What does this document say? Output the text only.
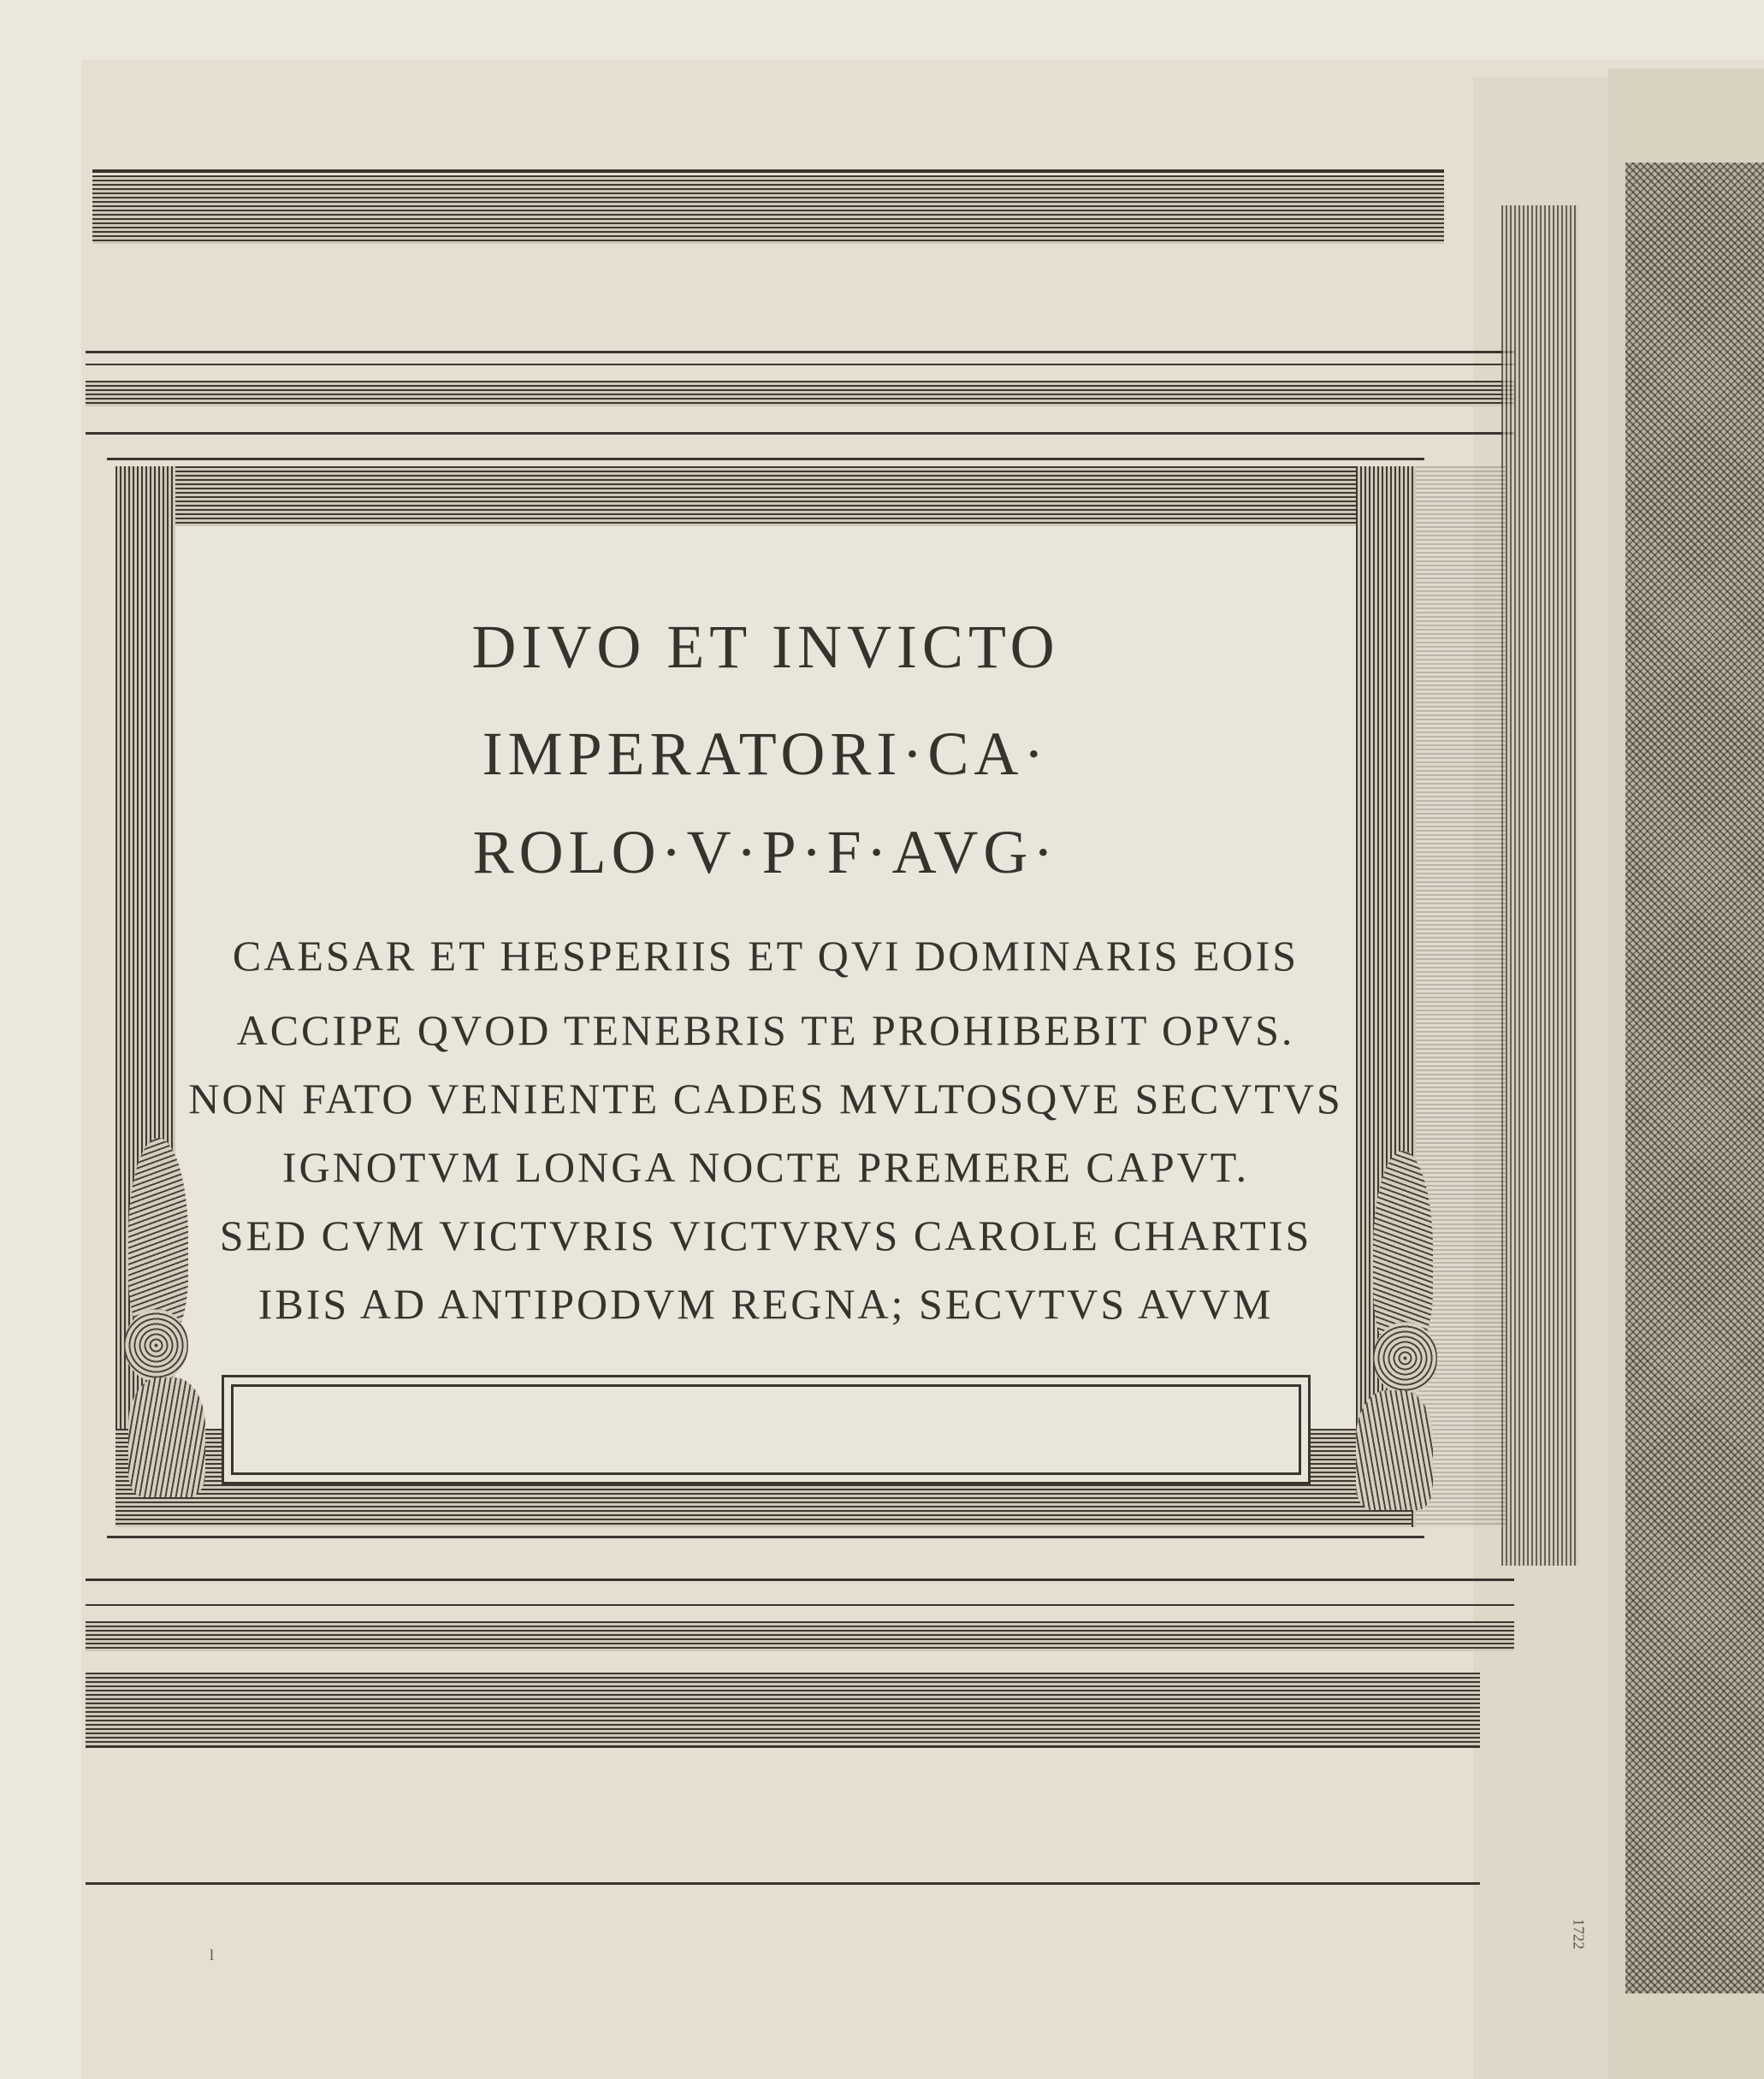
DIVO ET INVICTO
IMPERATORI·CA·
ROLO·V·P·F·AVG·
CAESAR ET HESPERIIS ET QVI DOMINARIS EOIS
ACCIPE QVOD TENEBRIS TE PROHIBEBIT OPVS.
NON FATO VENIENTE CADES MVLTOSQVE SECVTVS
IGNOTVM LONGA NOCTE PREMERE CAPVT.
SED CVM VICTVRIS VICTVRVS CAROLE CHARTIS
IBIS AD ANTIPODVM REGNA; SECVTVS AVVM
l
1722
